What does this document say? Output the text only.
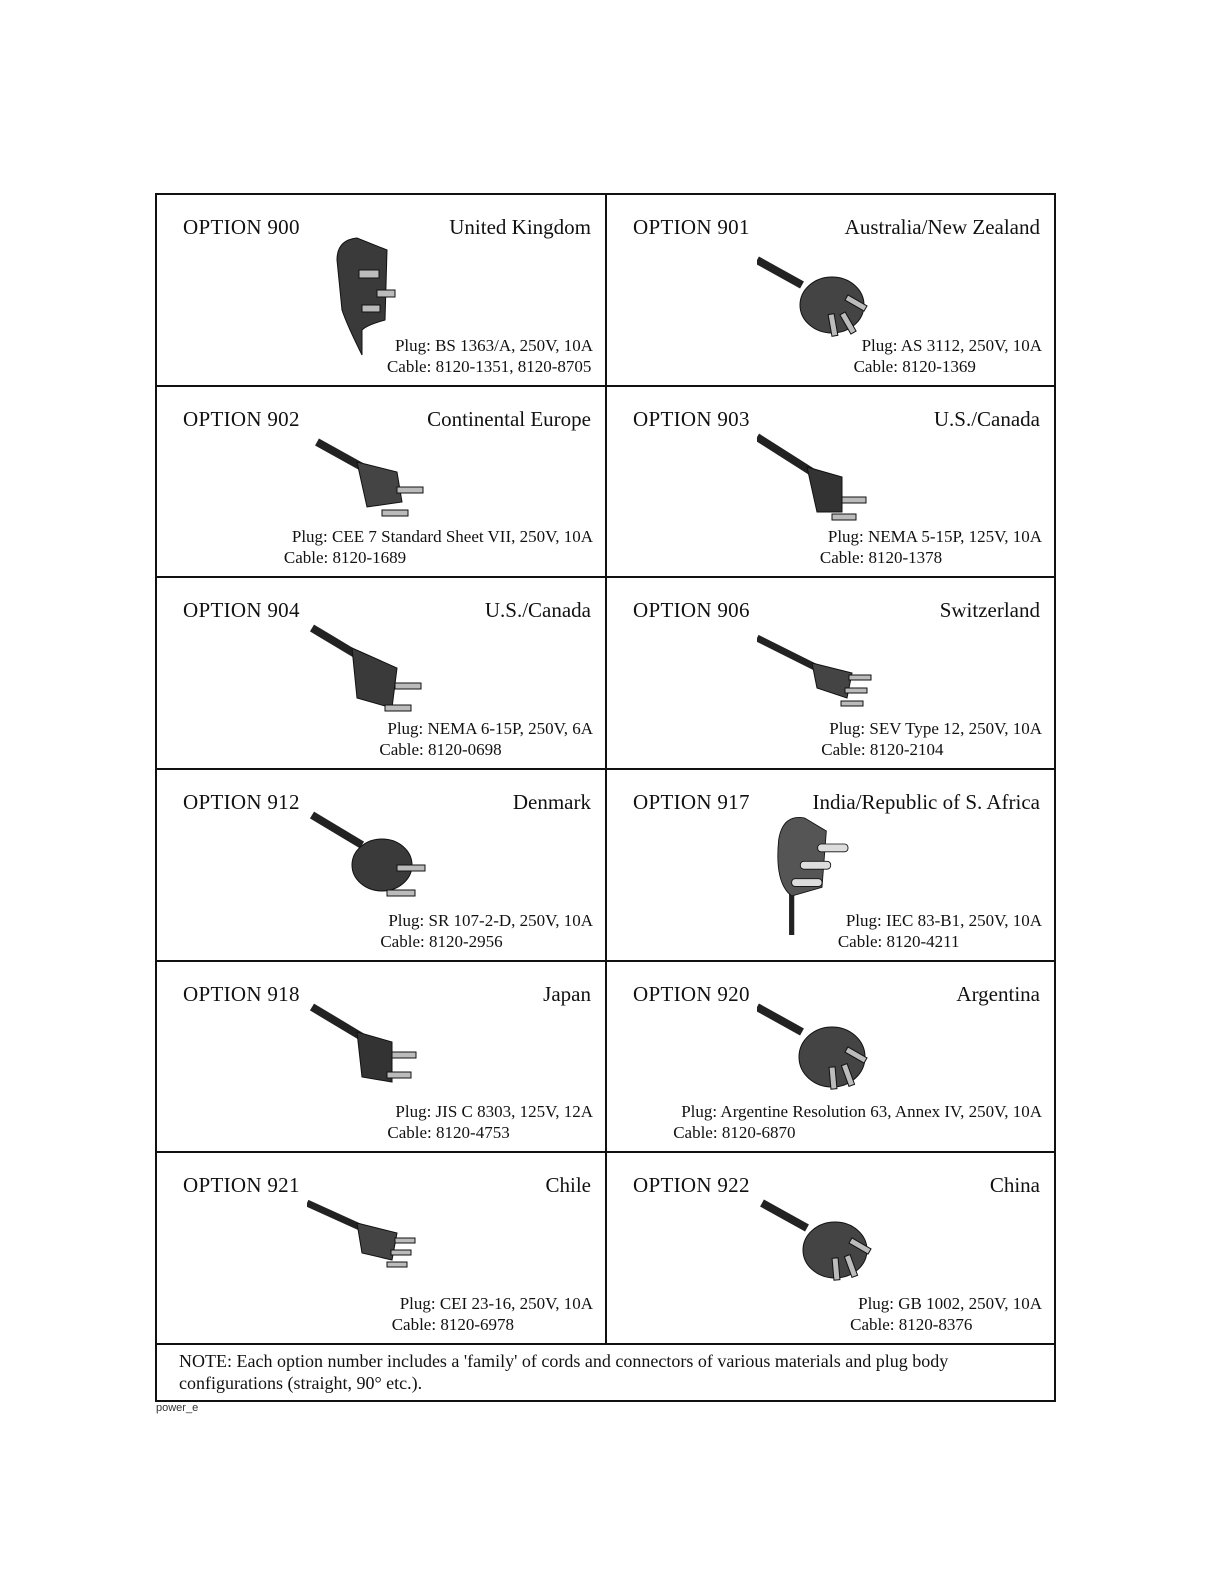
OPTION 900	United Kingdom
Plug: BS 1363/A, 250V, 10A
Cable: 8120-1351, 8120-8705
OPTION 901	Australia/New Zealand
Plug: AS 3112, 250V, 10A
Cable: 8120-1369
OPTION 902	Continental Europe
Plug: CEE 7 Standard Sheet VII, 250V, 10A
Cable: 8120-1689
OPTION 903	U.S./Canada
Plug: NEMA 5-15P, 125V, 10A
Cable: 8120-1378
OPTION 904	U.S./Canada
Plug: NEMA 6-15P, 250V, 6A
Cable: 8120-0698
OPTION 906	Switzerland
Plug: SEV Type 12, 250V, 10A
Cable: 8120-2104
OPTION 912	Denmark
Plug: SR 107-2-D, 250V, 10A
Cable: 8120-2956
OPTION 917	India/Republic of S. Africa
Plug: IEC 83-B1, 250V, 10A
Cable: 8120-4211
OPTION 918	Japan
Plug: JIS C 8303, 125V, 12A
Cable: 8120-4753
OPTION 920	Argentina
Plug: Argentine Resolution 63, Annex IV, 250V, 10A
Cable: 8120-6870
OPTION 921	Chile
Plug: CEI 23-16, 250V, 10A
Cable: 8120-6978
OPTION 922	China
Plug: GB 1002, 250V, 10A
Cable: 8120-8376
NOTE: Each option number includes a 'family' of cords and connectors of various materials and plug body configurations (straight, 90° etc.).
power_e
